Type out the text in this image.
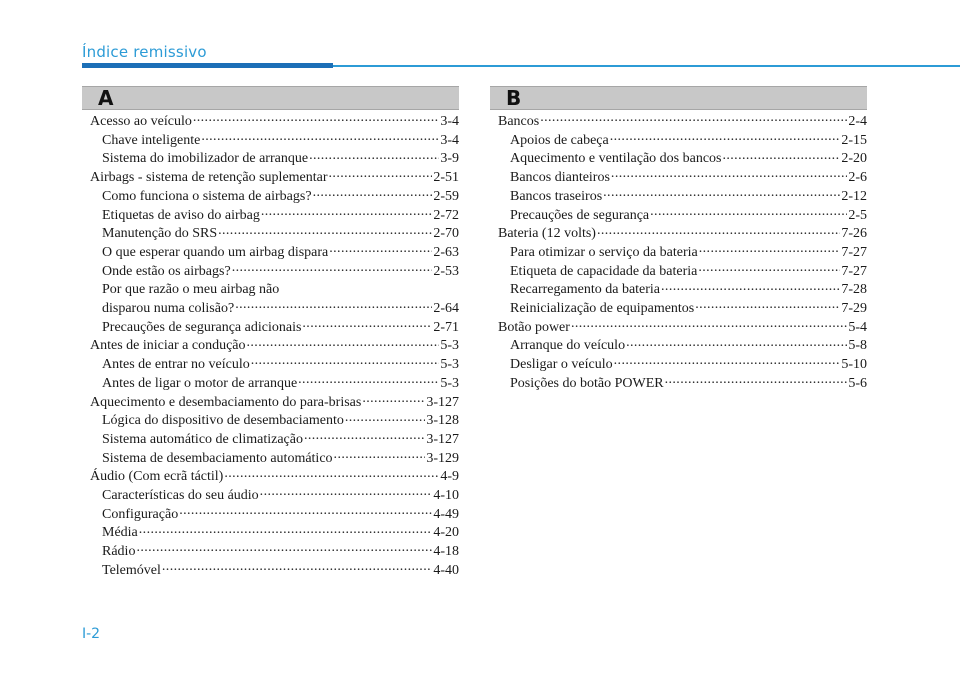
Índice remissivo
A	B
Acesso ao veículo .....	3-4
Chave inteligente .....	3-4
Sistema do imobilizador de arranque .....	3-9
Airbags - sistema de retenção suplementar .....	2-51
Como funciona o sistema de airbags? .....	2-59
Etiquetas de aviso do airbag .....	2-72
Manutenção do SRS .....	2-70
O que esperar quando um airbag dispara .....	2-63
Onde estão os airbags? .....	2-53
Por que razão o meu airbag não
disparou numa colisão? .....	2-64
Precauções de segurança adicionais .....	2-71
Antes de iniciar a condução .....	5-3
Antes de entrar no veículo .....	5-3
Antes de ligar o motor de arranque .....	5-3
Aquecimento e desembaciamento do para-brisas .....	3-127
Lógica do dispositivo de desembaciamento .....	3-128
Sistema automático de climatização .....	3-127
Sistema de desembaciamento automático .....	3-129
Áudio (Com ecrã táctil) .....	4-9
Características do seu áudio .....	4-10
Configuração .....	4-49
Média .....	4-20
Rádio .....	4-18
Telemóvel .....	4-40
Bancos .....	2-4
Apoios de cabeça .....	2-15
Aquecimento e ventilação dos bancos .....	2-20
Bancos dianteiros .....	2-6
Bancos traseiros .....	2-12
Precauções de segurança .....	2-5
Bateria (12 volts) .....	7-26
Para otimizar o serviço da bateria .....	7-27
Etiqueta de capacidade da bateria .....	7-27
Recarregamento da bateria .....	7-28
Reinicialização de equipamentos .....	7-29
Botão power .....	5-4
Arranque do veículo .....	5-8
Desligar o veículo .....	5-10
Posições do botão POWER .....	5-6
I-2
